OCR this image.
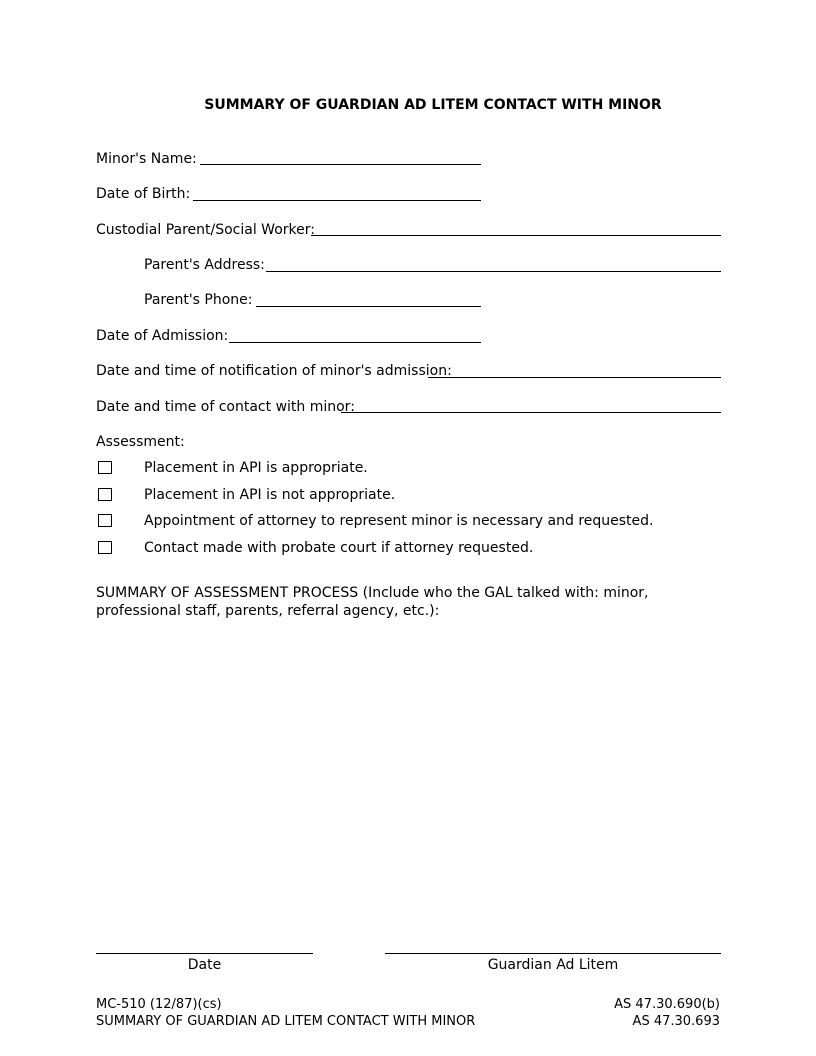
SUMMARY OF GUARDIAN AD LITEM CONTACT WITH MINOR
Minor's Name:
Date of Birth:
Custodial Parent/Social Worker:
Parent's Address:
Parent's Phone:
Date of Admission:
Date and time of notification of minor's admission:
Date and time of contact with minor:
Assessment:
Placement in API is appropriate.
Placement in API is not appropriate.
Appointment of attorney to represent minor is necessary and requested.
Contact made with probate court if attorney requested.
SUMMARY OF ASSESSMENT PROCESS (Include who the GAL talked with: minor, professional staff, parents, referral agency, etc.):
Date	Guardian Ad Litem
MC-510 (12/87)(cs)
SUMMARY OF GUARDIAN AD LITEM CONTACT WITH MINOR
AS 47.30.690(b)
AS 47.30.693
